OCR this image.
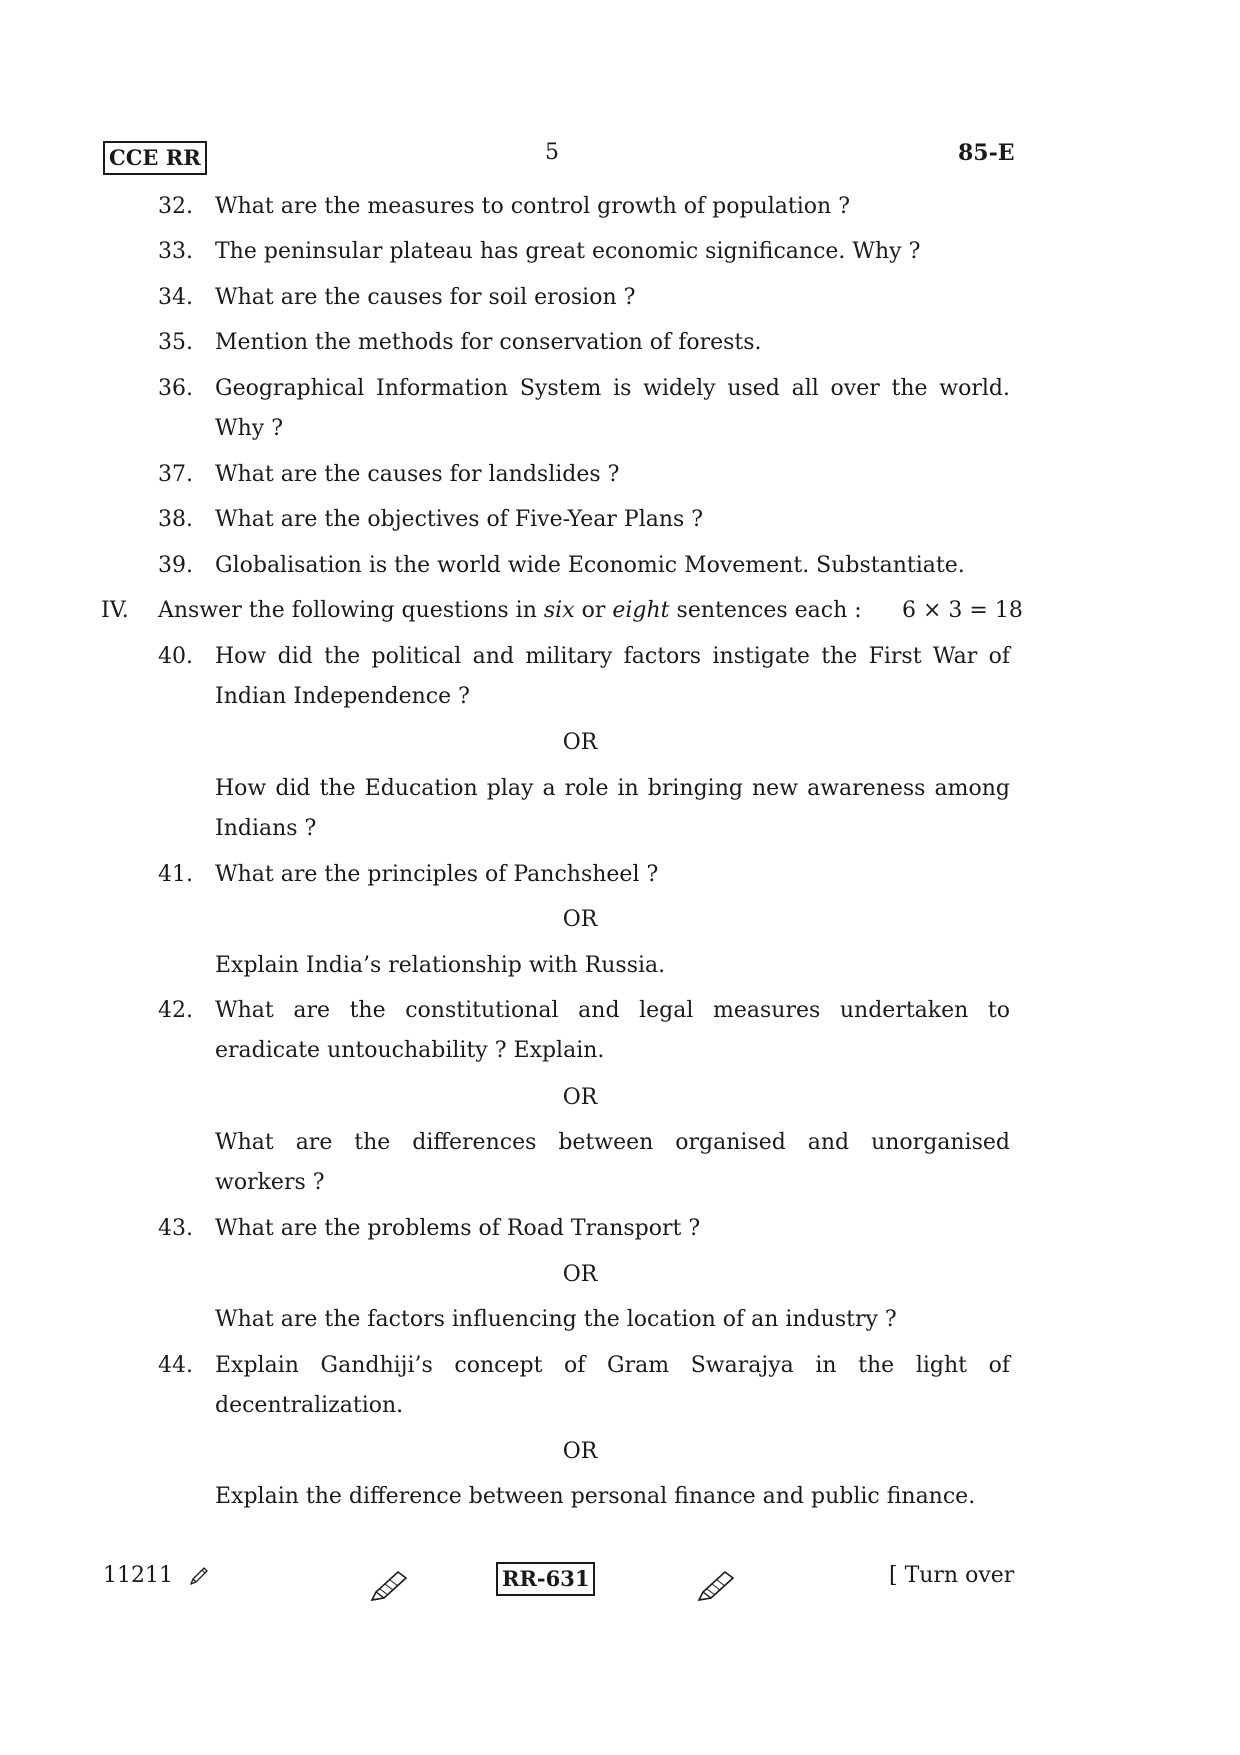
CCE RR	5	85-E
32. What are the measures to control growth of population ?
33. The peninsular plateau has great economic significance. Why ?
34. What are the causes for soil erosion ?
35. Mention the methods for conservation of forests.
36. Geographical Information System is widely used all over the world.
Why ?
37. What are the causes for landslides ?
38. What are the objectives of Five-Year Plans ?
39. Globalisation is the world wide Economic Movement. Substantiate.
IV. Answer the following questions in six or eight sentences each : 6 × 3 = 18
40. How did the political and military factors instigate the First War of
Indian Independence ?
OR
How did the Education play a role in bringing new awareness among
Indians ?
41. What are the principles of Panchsheel ?
OR
Explain India’s relationship with Russia.
42. What are the constitutional and legal measures undertaken to
eradicate untouchability ? Explain.
OR
What are the differences between organised and unorganised
workers ?
43. What are the problems of Road Transport ?
OR
What are the factors influencing the location of an industry ?
44. Explain Gandhiji’s concept of Gram Swarajya in the light of
decentralization.
OR
Explain the difference between personal finance and public finance.
11211	RR-631	[ Turn over
